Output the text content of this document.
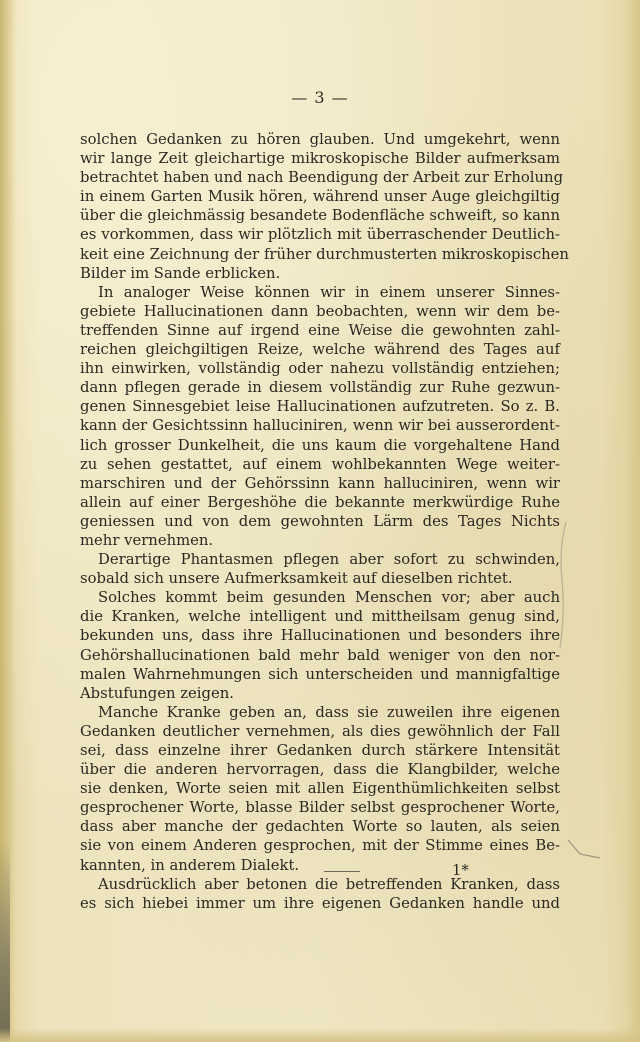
— 3 —
solchen Gedanken zu hören glauben. Und umgekehrt, wenn
wir lange Zeit gleichartige mikroskopische Bilder aufmerksam
betrachtet haben und nach Beendigung der Arbeit zur Erholung
in einem Garten Musik hören, während unser Auge gleichgiltig
über die gleichmässig besandete Bodenfläche schweift, so kann
es vorkommen, dass wir plötzlich mit überraschender Deutlich-
keit eine Zeichnung der früher durchmusterten mikroskopischen
Bilder im Sande erblicken.
In analoger Weise können wir in einem unserer Sinnes-
gebiete Hallucinationen dann beobachten, wenn wir dem be-
treffenden Sinne auf irgend eine Weise die gewohnten zahl-
reichen gleichgiltigen Reize, welche während des Tages auf
ihn einwirken, vollständig oder nahezu vollständig entziehen;
dann pflegen gerade in diesem vollständig zur Ruhe gezwun-
genen Sinnesgebiet leise Hallucinationen aufzutreten. So z. B.
kann der Gesichtssinn halluciniren, wenn wir bei ausserordent-
lich grosser Dunkelheit, die uns kaum die vorgehaltene Hand
zu sehen gestattet, auf einem wohlbekannten Wege weiter-
marschiren und der Gehörssinn kann halluciniren, wenn wir
allein auf einer Bergeshöhe die bekannte merkwürdige Ruhe
geniessen und von dem gewohnten Lärm des Tages Nichts
mehr vernehmen.
Derartige Phantasmen pflegen aber sofort zu schwinden,
sobald sich unsere Aufmerksamkeit auf dieselben richtet.
Solches kommt beim gesunden Menschen vor; aber auch
die Kranken, welche intelligent und mittheilsam genug sind,
bekunden uns, dass ihre Hallucinationen und besonders ihre
Gehörshallucinationen bald mehr bald weniger von den nor-
malen Wahrnehmungen sich unterscheiden und mannigfaltige
Abstufungen zeigen.
Manche Kranke geben an, dass sie zuweilen ihre eigenen
Gedanken deutlicher vernehmen, als dies gewöhnlich der Fall
sei, dass einzelne ihrer Gedanken durch stärkere Intensität
über die anderen hervorragen, dass die Klangbilder, welche
sie denken, Worte seien mit allen Eigenthümlichkeiten selbst
gesprochener Worte, blasse Bilder selbst gesprochener Worte,
dass aber manche der gedachten Worte so lauten, als seien
sie von einem Anderen gesprochen, mit der Stimme eines Be-
kannten, in anderem Dialekt.
Ausdrücklich aber betonen die betreffenden Kranken, dass
es sich hiebei immer um ihre eigenen Gedanken handle und
1*
